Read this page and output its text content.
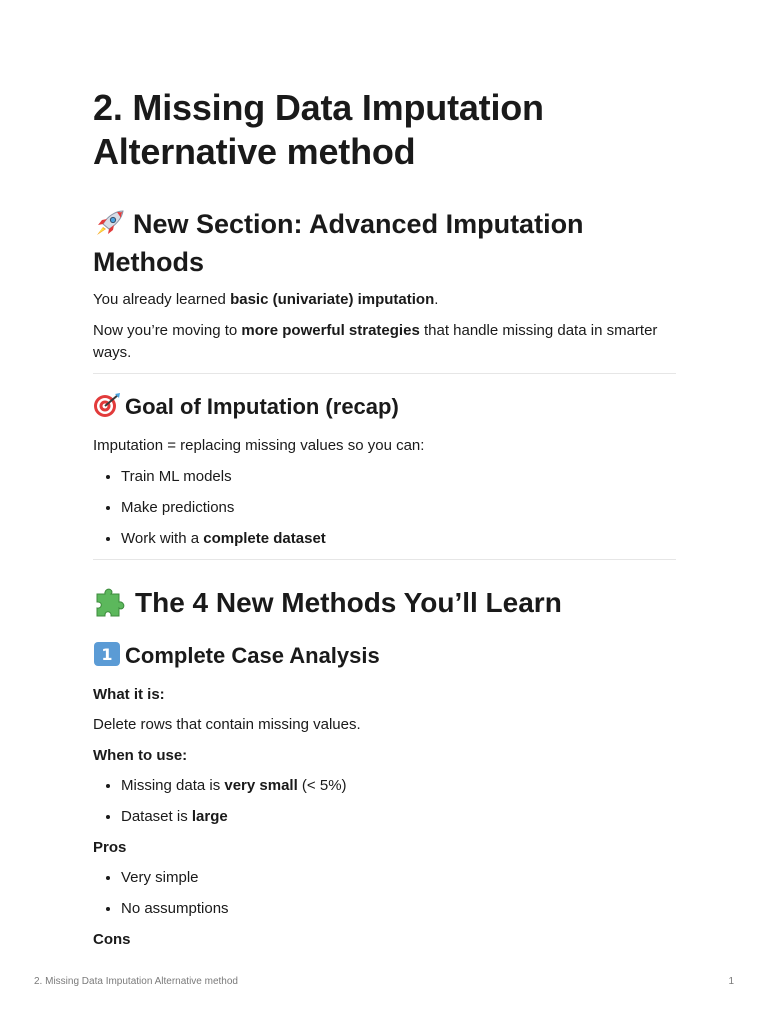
2. Missing Data Imputation Alternative method
New Section: Advanced Imputation Methods

You already learned basic (univariate) imputation.

Now you’re moving to more powerful strategies that handle missing data in smarter ways.

Goal of Imputation (recap)

Imputation = replacing missing values so you can:

• Train ML models
• Make predictions
• Work with a complete dataset
The 4 New Methods You’ll Learn
1 Complete Case Analysis

What it is:

Delete rows that contain missing values.

When to use:

• Missing data is very small (< 5%)
• Dataset is large

Pros

• Very simple
• No assumptions

Cons

2. Missing Data Imputation Alternative method	1
